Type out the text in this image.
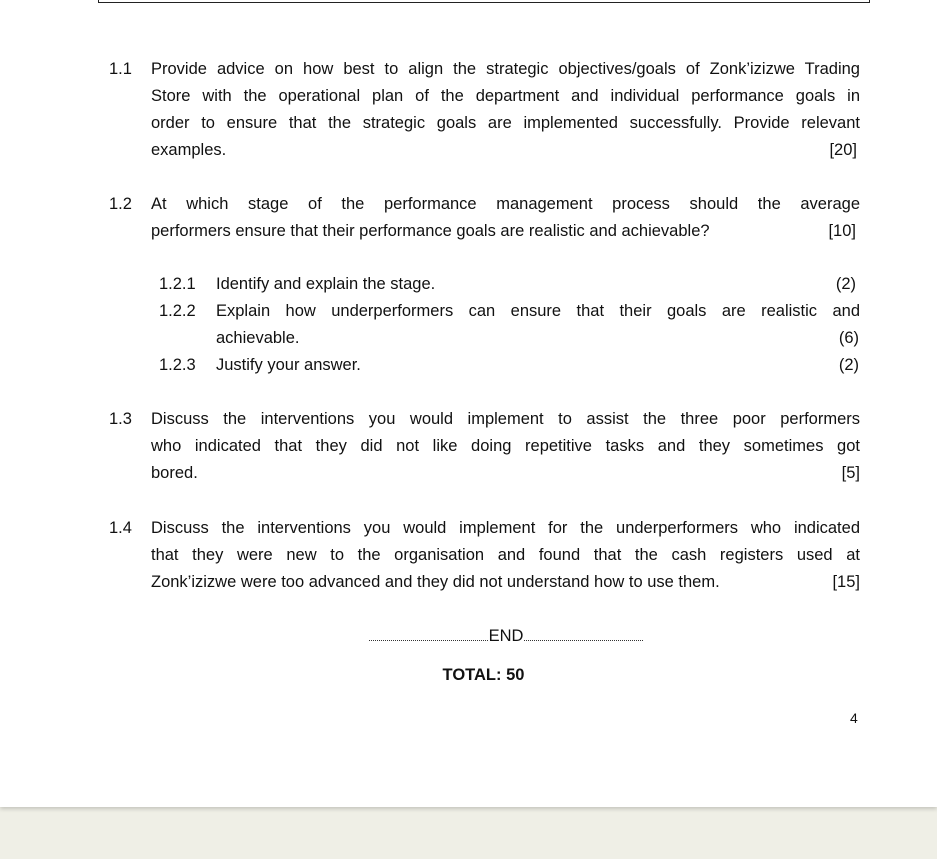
1.1 Provide advice on how best to align the strategic objectives/goals of Zonk’izizwe Trading
Store with the operational plan of the department and individual performance goals in
order to ensure that the strategic goals are implemented successfully. Provide relevant
examples.	[20]
1.2 At which stage of the performance management process should the average
performers ensure that their performance goals are realistic and achievable?	[10]
1.2.1 Identify and explain the stage.	(2)
1.2.2 Explain how underperformers can ensure that their goals are realistic and
achievable.	(6)
1.2.3 Justify your answer.	(2)
1.3 Discuss the interventions you would implement to assist the three poor performers
who indicated that they did not like doing repetitive tasks and they sometimes got
bored.	[5]
1.4 Discuss the interventions you would implement for the underperformers who indicated
that they were new to the organisation and found that the cash registers used at
Zonk’izizwe were too advanced and they did not understand how to use them.	[15]
END
TOTAL: 50
4
